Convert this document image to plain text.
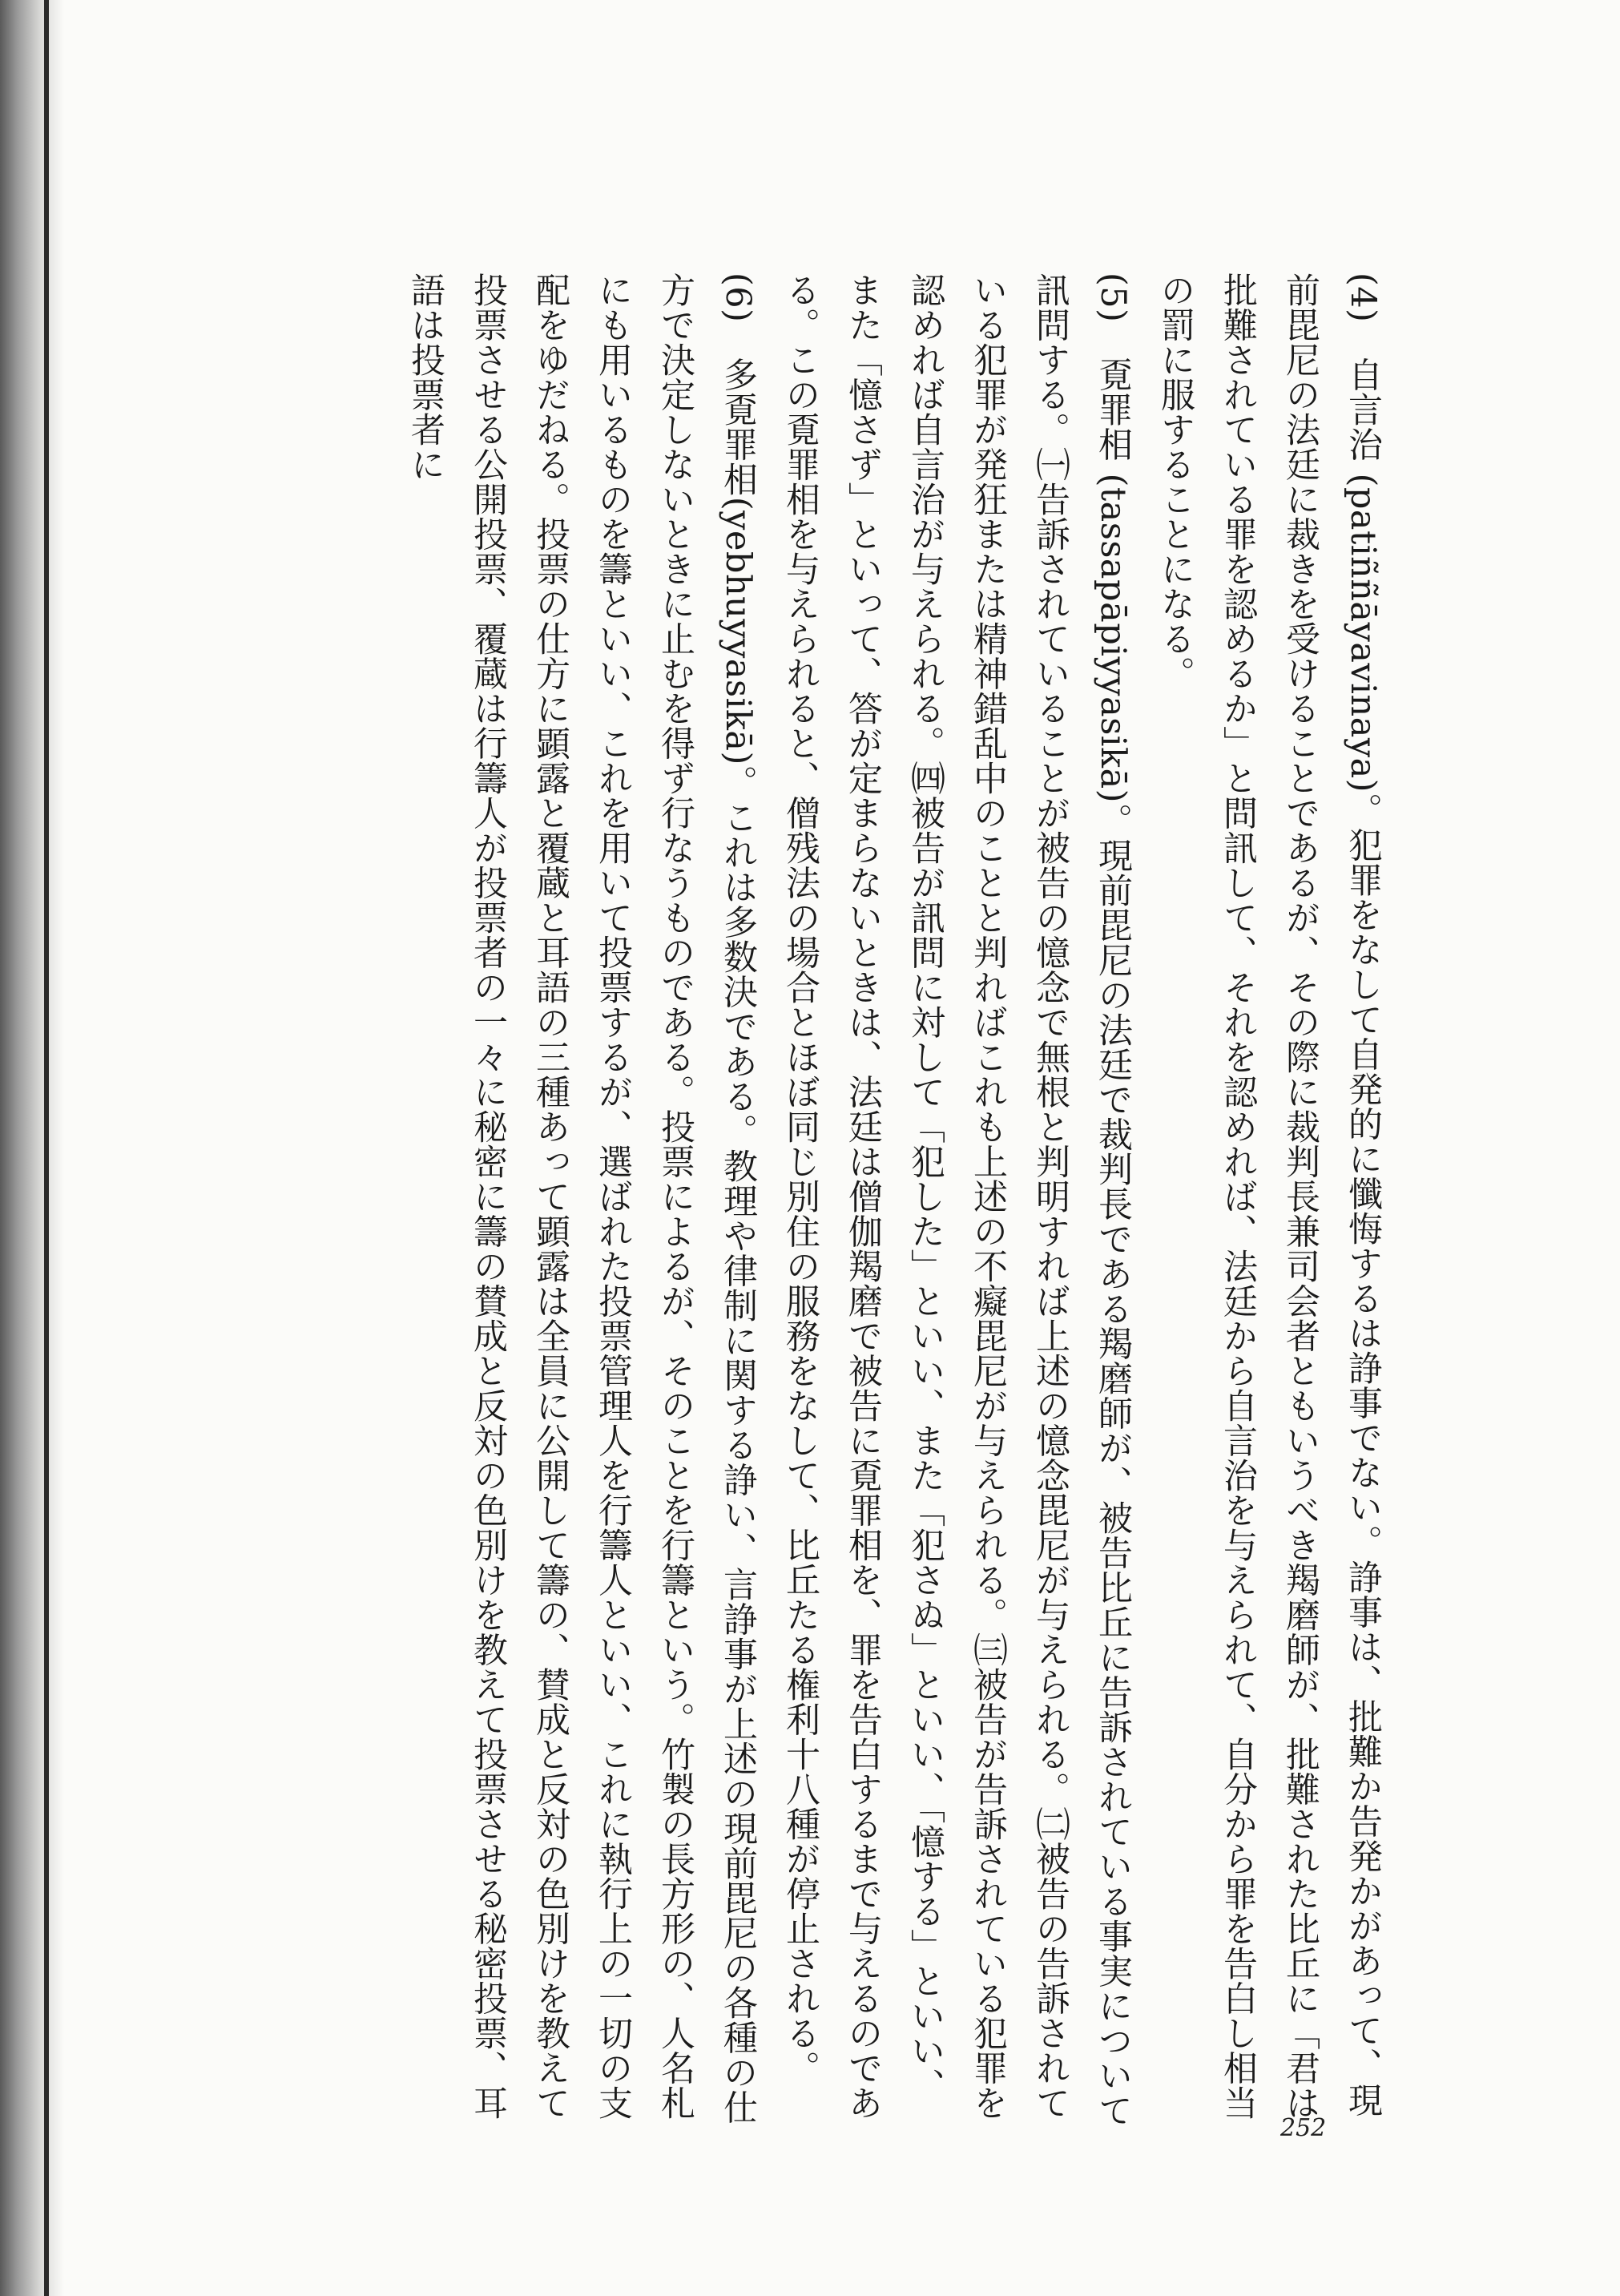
(4)　自言治 (patiññāyavinaya)。犯罪をなして自発的に懺悔するは諍事でない。諍事は、批難か告発かがあって、現前毘尼の法廷に裁きを受けることであるが、その際に裁判長兼司会者ともいうべき羯磨師が、批難された比丘に「君は批難されている罪を認めるか」と問訊して、それを認めれば、法廷から自言治を与えられて、自分から罪を告白し相当の罰に服することになる。

(5)　覔罪相 (tassapāpiyyasikā)。現前毘尼の法廷で裁判長である羯磨師が、被告比丘に告訴されている事実について訊問する。㈠告訴されていることが被告の憶念で無根と判明すれば上述の憶念毘尼が与えられる。㈡被告の告訴されている犯罪が発狂または精神錯乱中のことと判ればこれも上述の不癡毘尼が与えられる。㈢被告が告訴されている犯罪を認めれば自言治が与えられる。㈣被告が訊問に対して「犯した」といい、また「犯さぬ」といい、「憶する」といい、また「憶さず」といって、答が定まらないときは、法廷は僧伽羯磨で被告に覔罪相を、罪を告白するまで与えるのである。この覔罪相を与えられると、僧残法の場合とほぼ同じ別住の服務をなして、比丘たる権利十八種が停止される。

(6)　多覔罪相(yebhuyyasikā)。これは多数決である。教理や律制に関する諍い、言諍事が上述の現前毘尼の各種の仕方で決定しないときに止むを得ず行なうものである。投票によるが、そのことを行籌という。竹製の長方形の、人名札にも用いるものを籌といい、これを用いて投票するが、選ばれた投票管理人を行籌人といい、これに執行上の一切の支配をゆだねる。投票の仕方に顕露と覆蔵と耳語の三種あって顕露は全員に公開して籌の、賛成と反対の色別けを教えて投票させる公開投票、覆蔵は行籌人が投票者の一々に秘密に籌の賛成と反対の色別けを教えて投票させる秘密投票、耳語は投票者に

252
